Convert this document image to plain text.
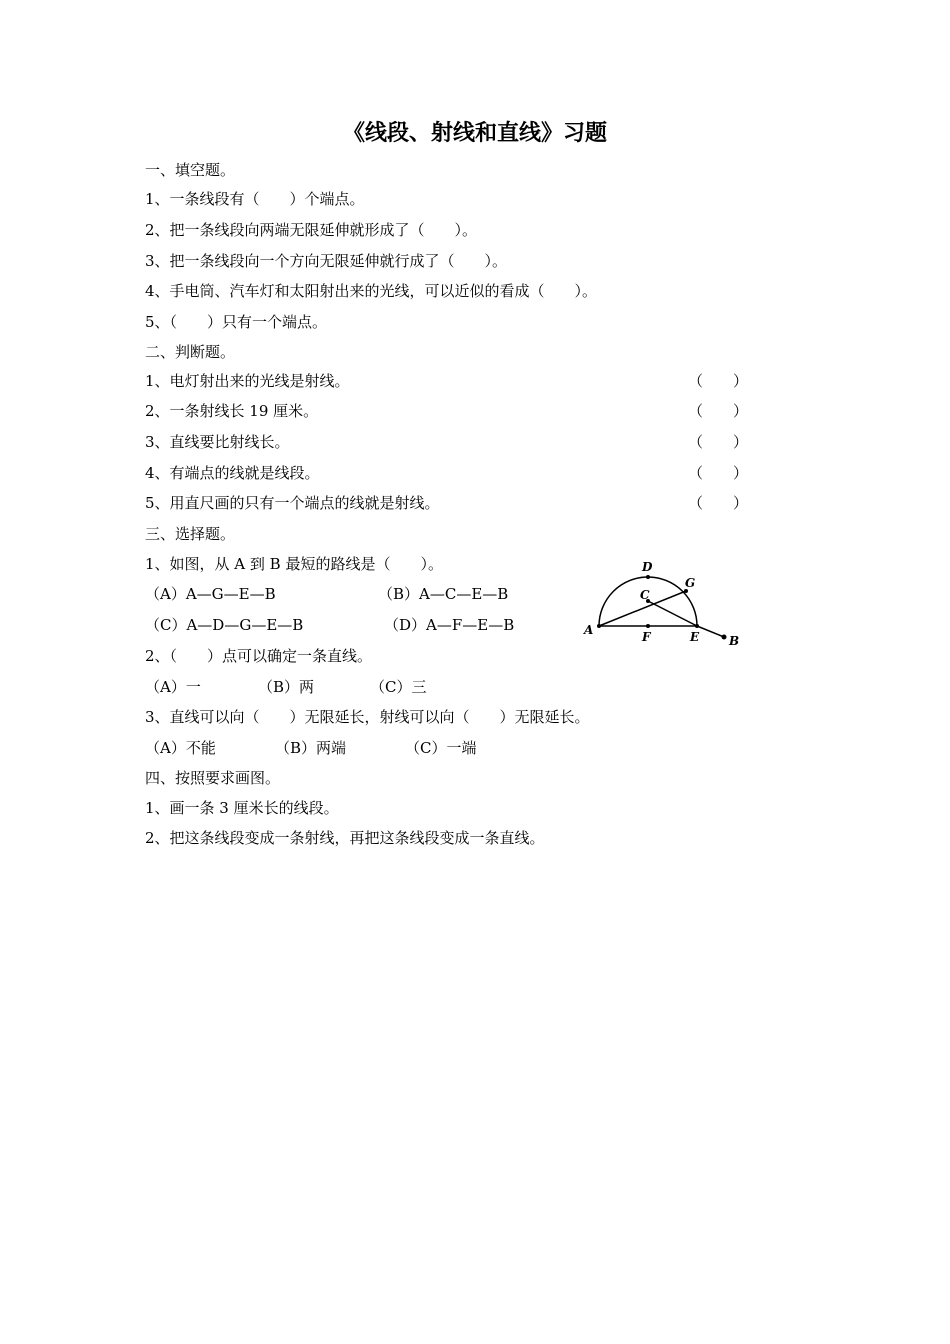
《线段、射线和直线》习题
一、填空题。
1、一条线段有（　　）个端点。
2、把一条线段向两端无限延伸就形成了（　　）。
3、把一条线段向一个方向无限延伸就行成了（　　）。
4、手电筒、汽车灯和太阳射出来的光线，可以近似的看成（　　）。
5、（　　）只有一个端点。
二、判断题。
1、电灯射出来的光线是射线。	（　　）
2、一条射线长 19 厘米。	（　　）
3、直线要比射线长。	（　　）
4、有端点的线就是线段。	（　　）
5、用直尺画的只有一个端点的线就是射线。	（　　）
三、选择题。
1、如图，从 A 到 B 最短的路线是（　　）。
（A）A—G—E—B	（B）A—C—E—B
（C）A—D—G—E—B	（D）A—F—E—B	A
D
G
C
F	E B
2、（　　）点可以确定一条直线。
（A）一	（B）两	（C）三
3、直线可以向（　　）无限延长，射线可以向（　　）无限延长。
（A）不能	（B）两端	（C）一端
四、按照要求画图。
1、画一条 3 厘米长的线段。
2、把这条线段变成一条射线，再把这条线段变成一条直线。
